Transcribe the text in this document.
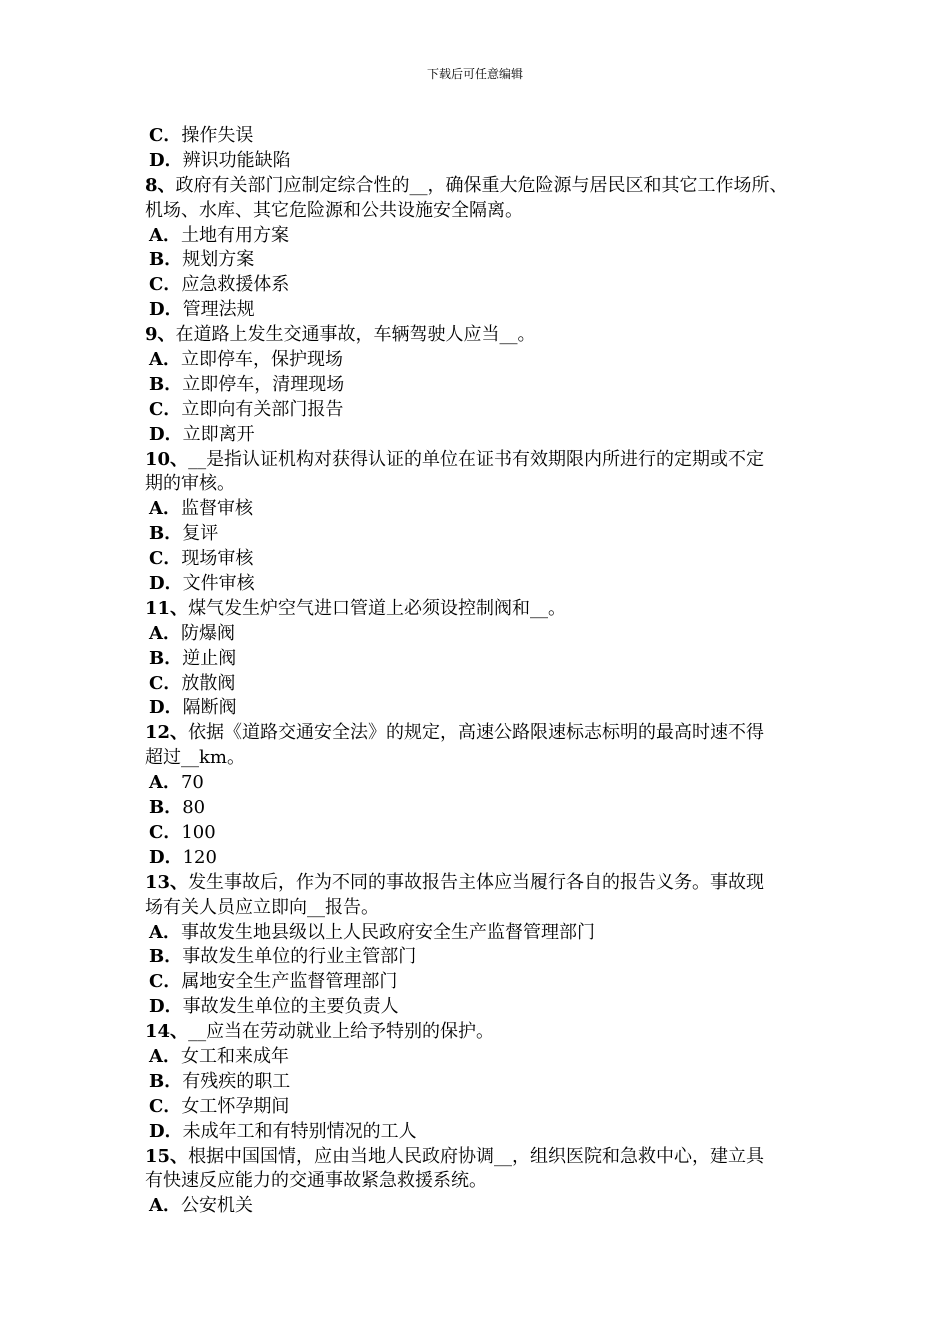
下载后可任意编辑
C．操作失误
D．辨识功能缺陷
8、政府有关部门应制定综合性的__，确保重大危险源与居民区和其它工作场所、
机场、水库、其它危险源和公共设施安全隔离。
A．土地有用方案
B．规划方案
C．应急救援体系
D．管理法规
9、在道路上发生交通事故，车辆驾驶人应当__。
A．立即停车，保护现场
B．立即停车，清理现场
C．立即向有关部门报告
D．立即离开
10、__是指认证机构对获得认证的单位在证书有效期限内所进行的定期或不定
期的审核。
A．监督审核
B．复评
C．现场审核
D．文件审核
11、煤气发生炉空气进口管道上必须设控制阀和__。
A．防爆阀
B．逆止阀
C．放散阀
D．隔断阀
12、依据《道路交通安全法》的规定，高速公路限速标志标明的最高时速不得
超过__km。
A．70
B．80
C．100
D．120
13、发生事故后，作为不同的事故报告主体应当履行各自的报告义务。事故现
场有关人员应立即向__报告。
A．事故发生地县级以上人民政府安全生产监督管理部门
B．事故发生单位的行业主管部门
C．属地安全生产监督管理部门
D．事故发生单位的主要负责人
14、__应当在劳动就业上给予特别的保护。
A．女工和来成年
B．有残疾的职工
C．女工怀孕期间
D．未成年工和有特别情况的工人
15、根据中国国情，应由当地人民政府协调__，组织医院和急救中心，建立具
有快速反应能力的交通事故紧急救援系统。
A．公安机关
